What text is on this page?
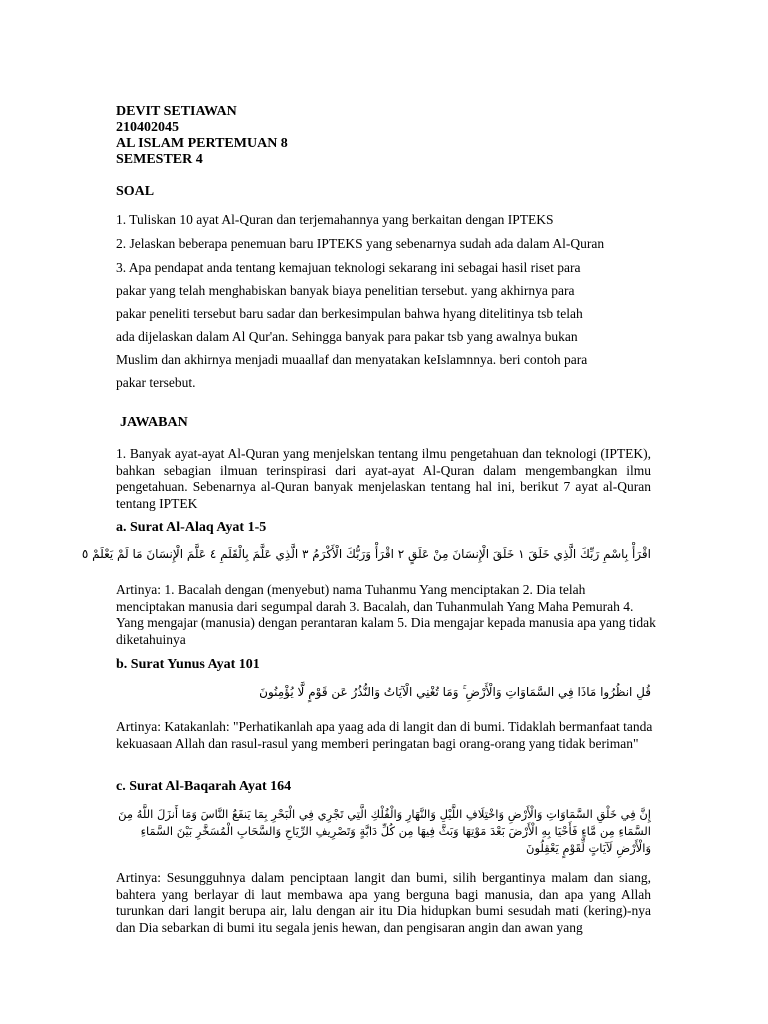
DEVIT SETIAWAN
210402045
AL ISLAM PERTEMUAN 8
SEMESTER 4
SOAL
1. Tuliskan 10 ayat Al-Quran dan terjemahannya yang berkaitan dengan IPTEKS
2. Jelaskan beberapa penemuan baru IPTEKS yang sebenarnya sudah ada dalam Al-Quran
3. Apa pendapat anda tentang kemajuan teknologi sekarang ini sebagai hasil riset para
pakar yang telah menghabiskan banyak biaya penelitian tersebut. yang akhirnya para
pakar peneliti tersebut baru sadar dan berkesimpulan bahwa hyang ditelitinya tsb telah
ada dijelaskan dalam Al Qur'an. Sehingga banyak para pakar tsb yang awalnya bukan
Muslim dan akhirnya menjadi muaallaf dan menyatakan keIslamnnya. beri contoh para
pakar tersebut.
JAWABAN
1. Banyak ayat-ayat Al-Quran yang menjelskan tentang ilmu pengetahuan dan teknologi (IPTEK), bahkan sebagian ilmuan terinspirasi dari ayat-ayat Al-Quran dalam mengembangkan ilmu pengetahuan. Sebenarnya al-Quran banyak menjelaskan tentang hal ini, berikut 7 ayat al-Quran tentang IPTEK
a. Surat Al-Alaq Ayat 1-5
اقْرَأْ بِاسْمِ رَبِّكَ الَّذِي خَلَقَ ١ خَلَقَ الْإِنسَانَ مِنْ عَلَقٍ ٢ اقْرَأْ وَرَبُّكَ الْأَكْرَمُ ٣ الَّذِي عَلَّمَ بِالْقَلَمِ ٤ عَلَّمَ الْإِنسَانَ مَا لَمْ يَعْلَمْ ٥
Artinya: 1. Bacalah dengan (menyebut) nama Tuhanmu Yang menciptakan 2. Dia telah menciptakan manusia dari segumpal darah 3. Bacalah, dan Tuhanmulah Yang Maha Pemurah 4. Yang mengajar (manusia) dengan perantaran kalam 5. Dia mengajar kepada manusia apa yang tidak diketahuinya
b. Surat Yunus Ayat 101
قُلِ انظُرُوا مَاذَا فِي السَّمَاوَاتِ وَالْأَرْضِ ۚ وَمَا تُغْنِي الْآيَاتُ وَالنُّذُرُ عَن قَوْمٍ لَّا يُؤْمِنُونَ
Artinya: Katakanlah: "Perhatikanlah apa yaag ada di langit dan di bumi. Tidaklah bermanfaat tanda kekuasaan Allah dan rasul-rasul yang memberi peringatan bagi orang-orang yang tidak beriman"
c. Surat Al-Baqarah Ayat 164
إِنَّ فِي خَلْقِ السَّمَاوَاتِ وَالْأَرْضِ وَاخْتِلَافِ اللَّيْلِ وَالنَّهَارِ وَالْفُلْكِ الَّتِي تَجْرِي فِي الْبَحْرِ بِمَا يَنفَعُ النَّاسَ وَمَا أَنزَلَ اللَّهُ مِنَ السَّمَاءِ مِن مَّاءٍ فَأَحْيَا بِهِ الْأَرْضَ بَعْدَ مَوْتِهَا وَبَثَّ فِيهَا مِن كُلِّ دَابَّةٍ وَتَصْرِيفِ الرِّيَاحِ وَالسَّحَابِ الْمُسَخَّرِ بَيْنَ السَّمَاءِ وَالْأَرْضِ لَآيَاتٍ لِّقَوْمٍ يَعْقِلُونَ
Artinya: Sesungguhnya dalam penciptaan langit dan bumi, silih bergantinya malam dan siang, bahtera yang berlayar di laut membawa apa yang berguna bagi manusia, dan apa yang Allah turunkan dari langit berupa air, lalu dengan air itu Dia hidupkan bumi sesudah mati (kering)-nya dan Dia sebarkan di bumi itu segala jenis hewan, dan pengisaran angin dan awan yang
